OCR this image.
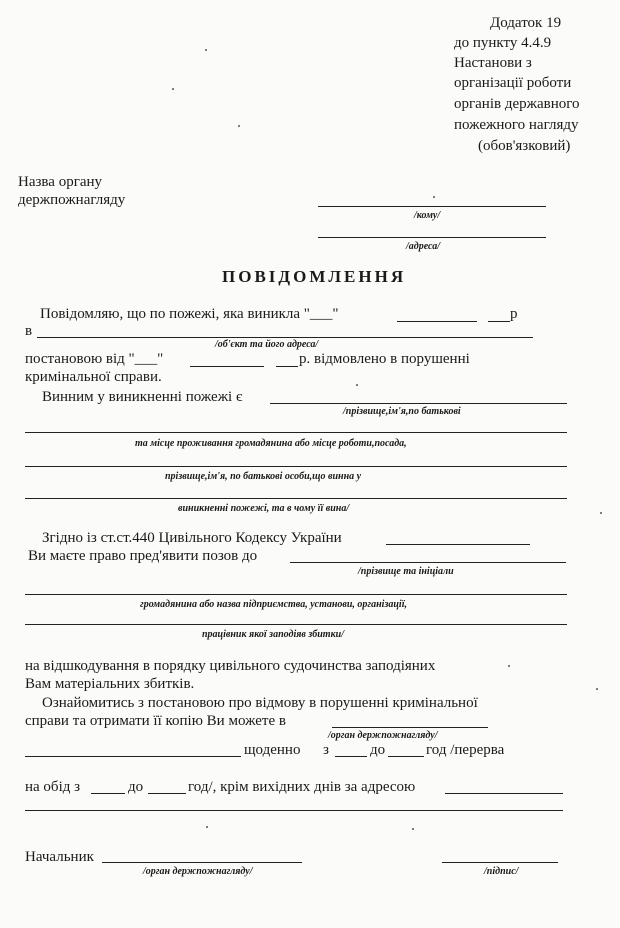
Додаток 19
до пункту 4.4.9
Настанови з
організації роботи
органів державного
пожежного нагляду
(обов'язковий)
Назва органу
держпожнагляду
/кому/
/адреса/
ПОВІДОМЛЕННЯ
Повідомляю, що по пожежі, яка виникла "___"	р
в
/об'єкт та його адреса/
постановою від "___"	р. відмовлено в порушенні
кримінальної справи.
Винним у виникненні пожежі є
/прізвище,ім'я,по батькові
та місце проживання громадянина або місце роботи,посада,
прізвище,ім'я, по батькові особи,що винна у
виникненні пожежі, та в чому її вина/
Згідно із ст.ст.440 Цивільного Кодексу України
Ви маєте право пред'явити позов до
/прізвище та ініціали
громадянина або назва підприємства, установи, організації,
працівник якої заподіяв збитки/
на відшкодування в порядку цивільного судочинства заподіяних
Вам матеріальних збитків.
Ознайомитись з постановою про відмову в порушенні кримінальної
справи та отримати її копію Ви можете в
/орган держпожнагляду/
щоденно з	до	год /перерва
на обід з	до	год/, крім вихідних днів за адресою
Начальник
/орган держпожнагляду/	/підпис/
